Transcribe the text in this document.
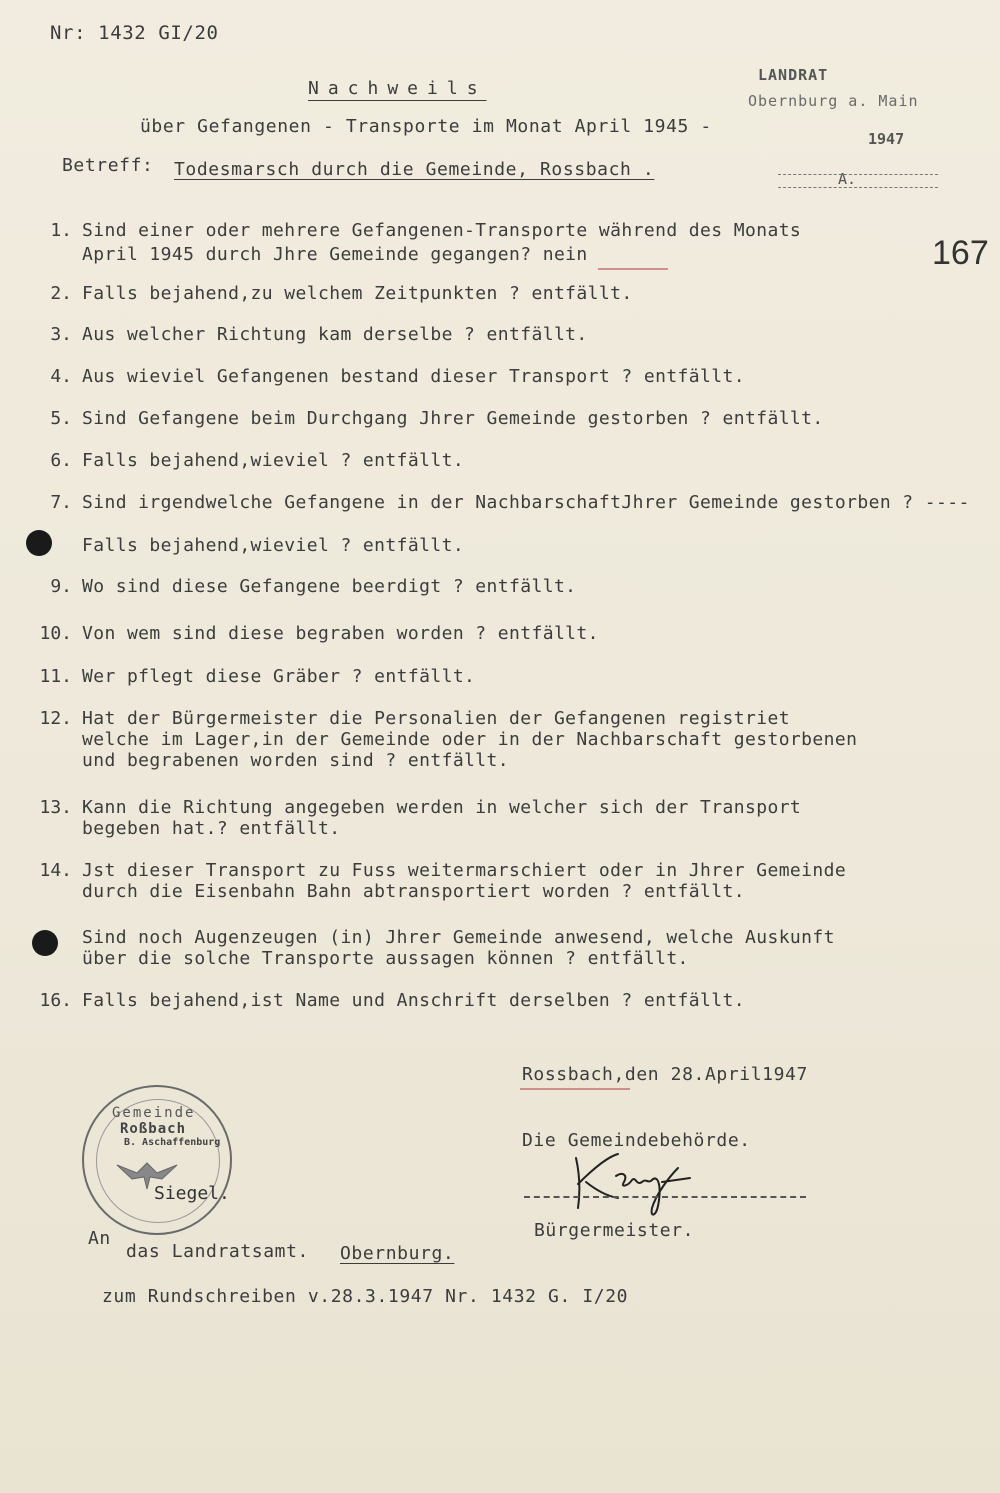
Nr: 1432 GI/20
Nachweils
über Gefangenen - Transporte im Monat April 1945 -
Betreff: Todesmarsch durch die Gemeinde, Rossbach .
LANDRAT
Obernburg a. Main
1947
A.
167
1. Sind einer oder mehrere Gefangenen-Transporte während des Monats
April 1945 durch Jhre Gemeinde gegangen? nein
2. Falls bejahend,zu welchem Zeitpunkten ? entfällt.
3. Aus welcher Richtung kam derselbe ? entfällt.
4. Aus wieviel Gefangenen bestand dieser Transport ? entfällt.
5. Sind Gefangene beim Durchgang Jhrer Gemeinde gestorben ? entfällt.
6. Falls bejahend,wieviel ? entfällt.
7. Sind irgendwelche Gefangene in der NachbarschaftJhrer Gemeinde gestorben ? ----
Falls bejahend,wieviel ? entfällt.
9. Wo sind diese Gefangene beerdigt ? entfällt.
10. Von wem sind diese begraben worden ? entfällt.
11. Wer pflegt diese Gräber ? entfällt.
12. Hat der Bürgermeister die Personalien der Gefangenen registriet
welche im Lager,in der Gemeinde oder in der Nachbarschaft gestorbenen
und begrabenen worden sind ? entfällt.
13. Kann die Richtung angegeben werden in welcher sich der Transport
begeben hat.? entfällt.
14. Jst dieser Transport zu Fuss weitermarschiert oder in Jhrer Gemeinde
durch die Eisenbahn Bahn abtransportiert worden ? entfällt.
Sind noch Augenzeugen (in) Jhrer Gemeinde anwesend, welche Auskunft
über die solche Transporte aussagen können ? entfällt.
16. Falls bejahend,ist Name und Anschrift derselben ? entfällt.
Rossbach,den 28.April1947
Die Gemeindebehörde.
Bürgermeister.
Gemeinde
Roßbach
B. Aschaffenburg
Siegel.
An
das Landratsamt. Obernburg.
zum Rundschreiben v.28.3.1947 Nr. 1432 G. I/20
